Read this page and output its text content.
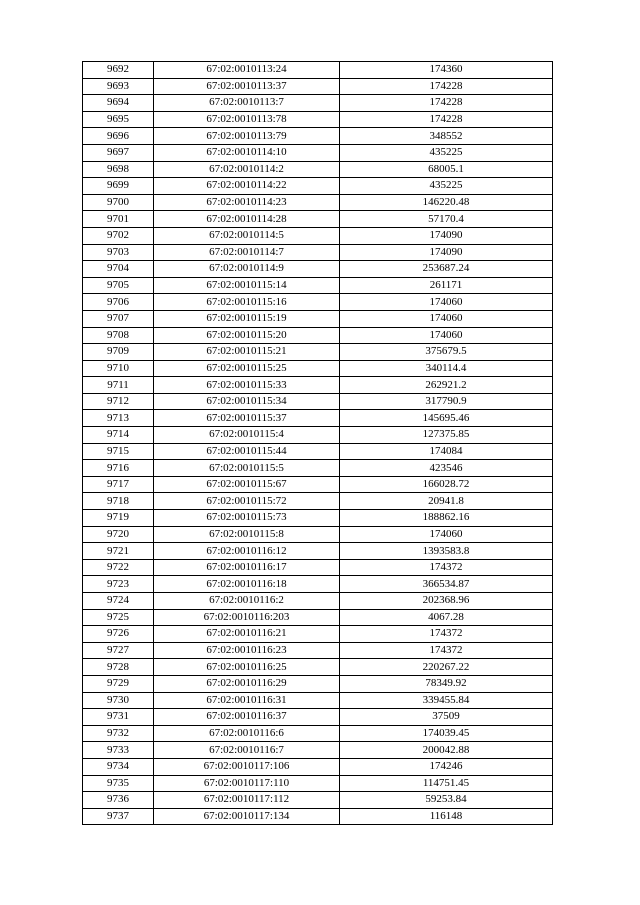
9692	67:02:0010113:24	174360
9693	67:02:0010113:37	174228
9694	67:02:0010113:7	174228
9695	67:02:0010113:78	174228
9696	67:02:0010113:79	348552
9697	67:02:0010114:10	435225
9698	67:02:0010114:2	68005.1
9699	67:02:0010114:22	435225
9700	67:02:0010114:23	146220.48
9701	67:02:0010114:28	57170.4
9702	67:02:0010114:5	174090
9703	67:02:0010114:7	174090
9704	67:02:0010114:9	253687.24
9705	67:02:0010115:14	261171
9706	67:02:0010115:16	174060
9707	67:02:0010115:19	174060
9708	67:02:0010115:20	174060
9709	67:02:0010115:21	375679.5
9710	67:02:0010115:25	340114.4
9711	67:02:0010115:33	262921.2
9712	67:02:0010115:34	317790.9
9713	67:02:0010115:37	145695.46
9714	67:02:0010115:4	127375.85
9715	67:02:0010115:44	174084
9716	67:02:0010115:5	423546
9717	67:02:0010115:67	166028.72
9718	67:02:0010115:72	20941.8
9719	67:02:0010115:73	188862.16
9720	67:02:0010115:8	174060
9721	67:02:0010116:12	1393583.8
9722	67:02:0010116:17	174372
9723	67:02:0010116:18	366534.87
9724	67:02:0010116:2	202368.96
9725	67:02:0010116:203	4067.28
9726	67:02:0010116:21	174372
9727	67:02:0010116:23	174372
9728	67:02:0010116:25	220267.22
9729	67:02:0010116:29	78349.92
9730	67:02:0010116:31	339455.84
9731	67:02:0010116:37	37509
9732	67:02:0010116:6	174039.45
9733	67:02:0010116:7	200042.88
9734	67:02:0010117:106	174246
9735	67:02:0010117:110	114751.45
9736	67:02:0010117:112	59253.84
9737	67:02:0010117:134	116148
